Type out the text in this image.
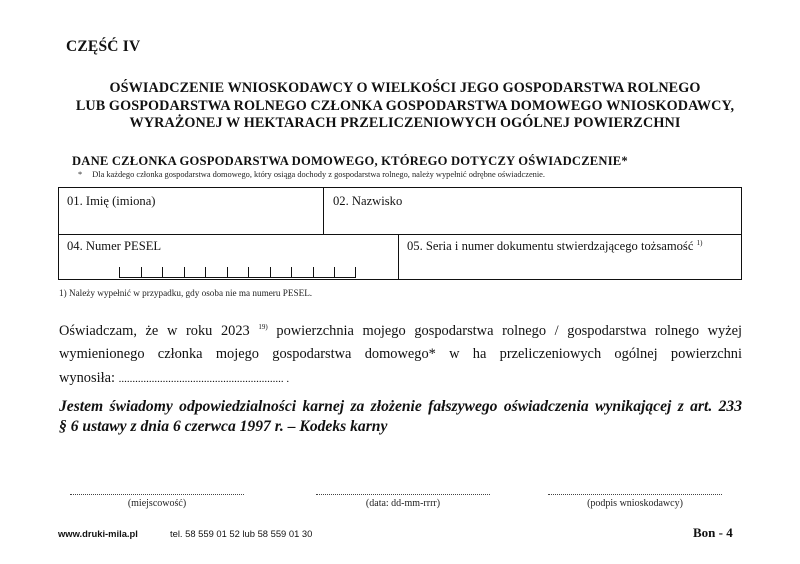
CZĘŚĆ IV
OŚWIADCZENIE WNIOSKODAWCY O WIELKOŚCI JEGO GOSPODARSTWA ROLNEGO
LUB GOSPODARSTWA ROLNEGO CZŁONKA GOSPODARSTWA DOMOWEGO WNIOSKODAWCY,
WYRAŻONEJ W HEKTARACH PRZELICZENIOWYCH OGÓLNEJ POWIERZCHNI
DANE CZŁONKA GOSPODARSTWA DOMOWEGO, KTÓREGO DOTYCZY OŚWIADCZENIE*
* Dla każdego członka gospodarstwa domowego, który osiąga dochody z gospodarstwa rolnego, należy wypełnić odrębne oświadczenie.
01. Imię (imiona)	02. Nazwisko
04. Numer PESEL	05. Seria i numer dokumentu stwierdzającego tożsamość $^{1)}$
1) Należy wypełnić w przypadku, gdy osoba nie ma numeru PESEL.
Oświadczam, że w roku 2023 $^{19)}$ powierzchnia mojego gospodarstwa rolnego / gospodarstwa rolnego wyżej
wymienionego członka mojego gospodarstwa domowego* w ha przeliczeniowych ogólnej powierzchni
wynosiła: ............................................................ .
Jestem świadomy odpowiedzialności karnej za złożenie fałszywego oświadczenia wynikającej z art. 233
§ 6 ustawy z dnia 6 czerwca 1997 r. – Kodeks karny
(miejscowość)	(data: dd-mm-rrrr)	(podpis wnioskodawcy)
www.druki-mila.pl	tel. 58 559 01 52 lub 58 559 01 30	Bon - 4
